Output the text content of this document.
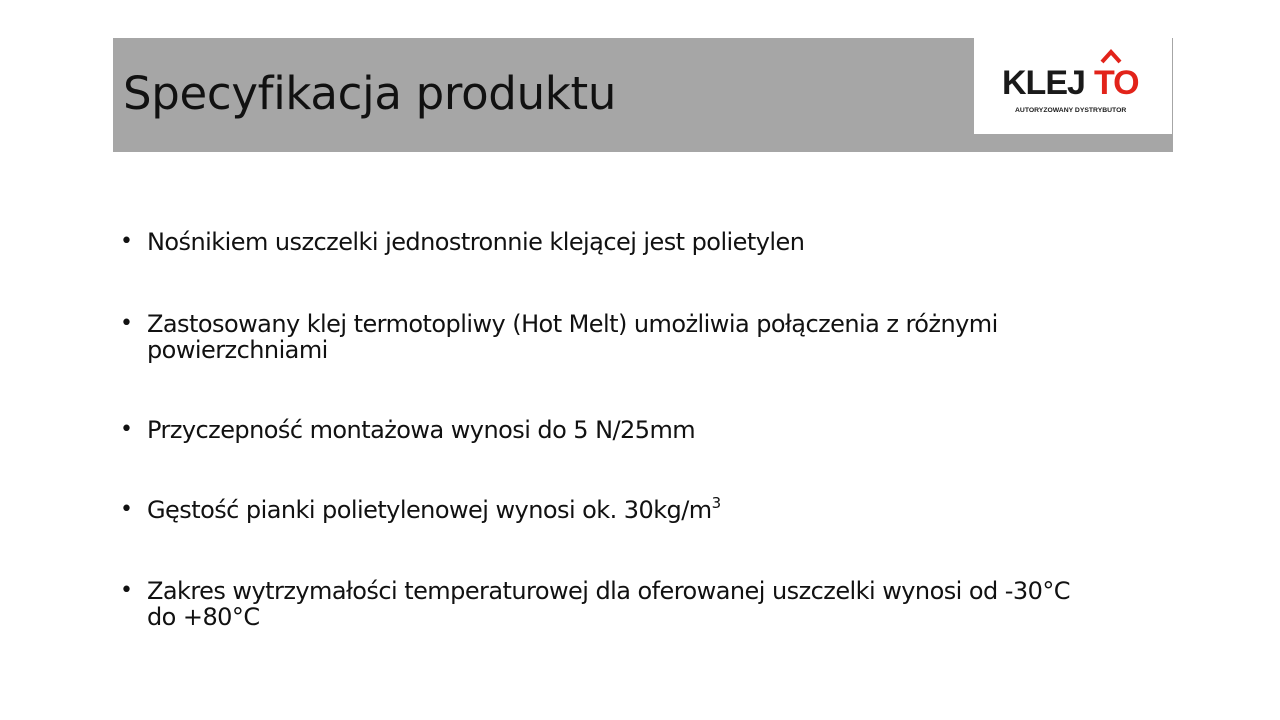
Specyfikacja produktu	KLEJ TO
AUTORYZOWANY DYSTRYBUTOR
• Nośnikiem uszczelki jednostronnie klejącej jest polietylen
• Zastosowany klej termotopliwy (Hot Melt) umożliwia połączenia z różnymi
powierzchniami
• Przyczepność montażowa wynosi do 5 N/25mm
• Gęstość pianki polietylenowej wynosi ok. $30kg/m^3$
• Zakres wytrzymałości temperaturowej dla oferowanej uszczelki wynosi od -30°C
do +80°C
